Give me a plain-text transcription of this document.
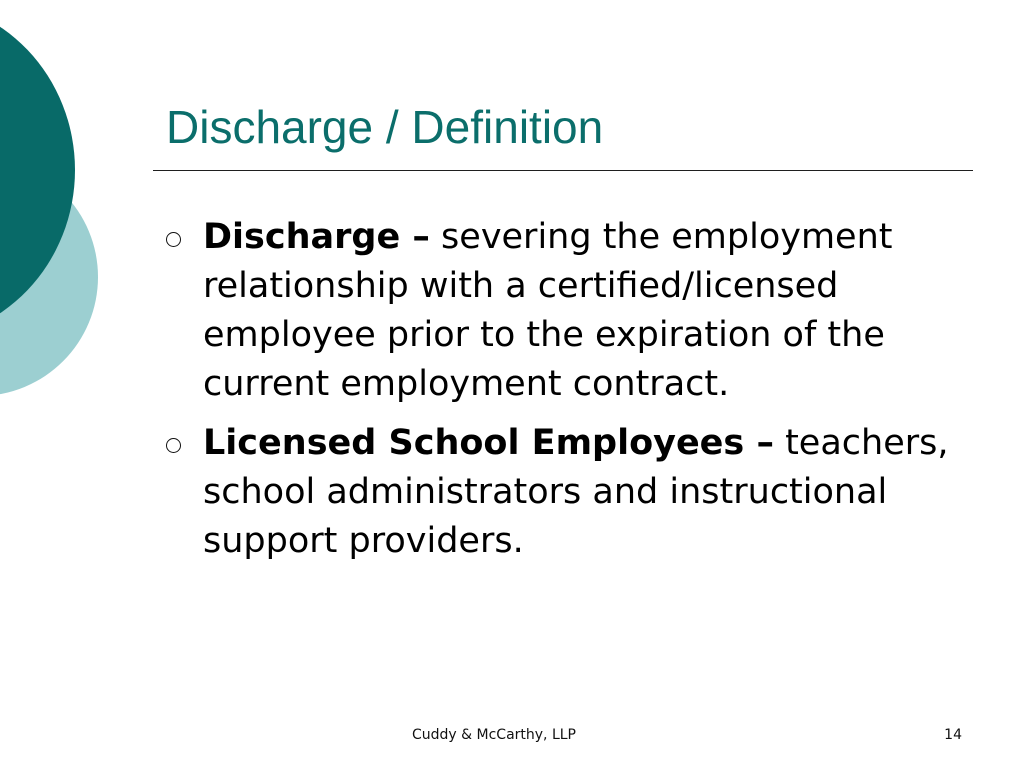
Discharge / Definition
Discharge – severing the employment relationship with a certified/licensed employee prior to the expiration of the current employment contract.
Licensed School Employees – teachers, school administrators and instructional support providers.
Cuddy & McCarthy, LLP	14
